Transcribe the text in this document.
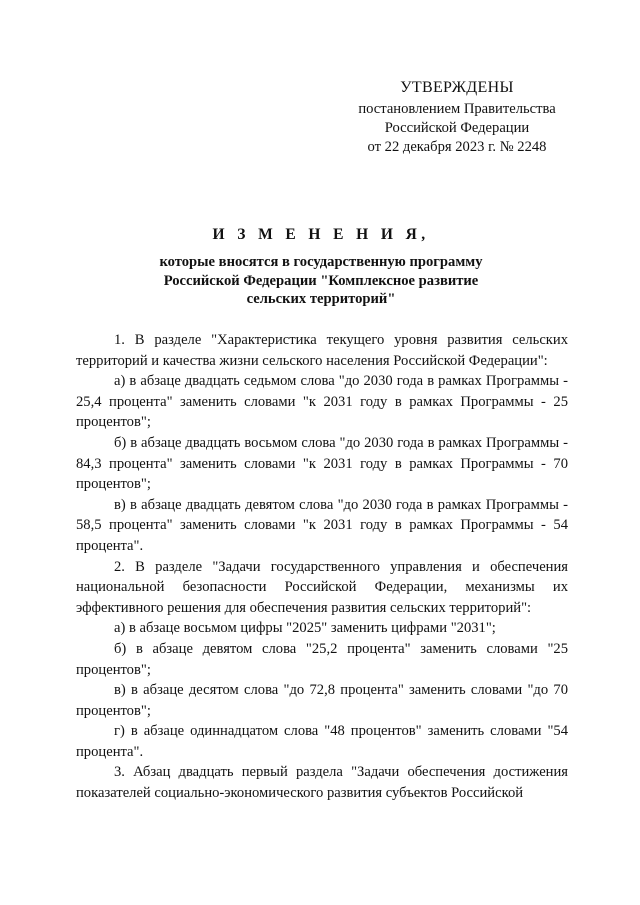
УТВЕРЖДЕНЫ
постановлением Правительства
Российской Федерации
от 22 декабря 2023 г. № 2248
И З М Е Н Е Н И Я,
которые вносятся в государственную программу
Российской Федерации "Комплексное развитие
сельских территорий"

1. В разделе "Характеристика текущего уровня развития сельских территорий и качества жизни сельского населения Российской Федерации":

а) в абзаце двадцать седьмом слова "до 2030 года в рамках Программы - 25,4 процента" заменить словами "к 2031 году в рамках Программы - 25 процентов";

б) в абзаце двадцать восьмом слова "до 2030 года в рамках Программы - 84,3 процента" заменить словами "к 2031 году в рамках Программы - 70 процентов";

в) в абзаце двадцать девятом слова "до 2030 года в рамках Программы - 58,5 процента" заменить словами "к 2031 году в рамках Программы - 54 процента".

2. В разделе "Задачи государственного управления и обеспечения национальной безопасности Российской Федерации, механизмы их эффективного решения для обеспечения развития сельских территорий":

а) в абзаце восьмом цифры "2025" заменить цифрами "2031";

б) в абзаце девятом слова "25,2 процента" заменить словами "25 процентов";

в) в абзаце десятом слова "до 72,8 процента" заменить словами "до 70 процентов";

г) в абзаце одиннадцатом слова "48 процентов" заменить словами "54 процента".

3. Абзац двадцать первый раздела "Задачи обеспечения достижения показателей социально-экономического развития субъектов Российской
